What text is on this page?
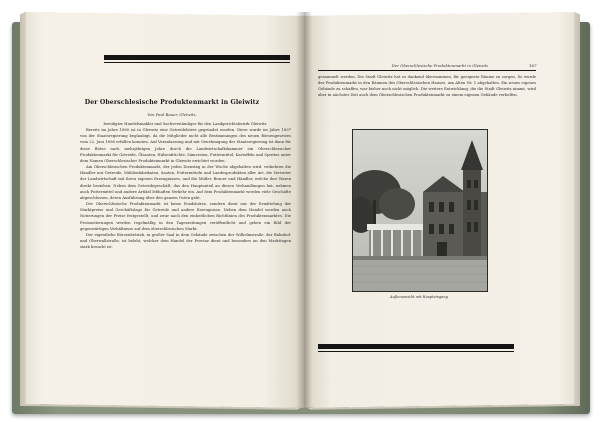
Der Oberschlesische Produktenmarkt in Gleiwitz
Von Paul Bauer, Gleiwitz,

beeidigter Handelsmakler und Sachverständiger für den Landgerichtsbezirk Gleiwitz.

Bereits im Jahre 1880 ist in Gleiwitz eine Getreidebörse gegründet worden. Diese wurde im Jahre 1897 von der Staatsregierung beglaubigt, da die Mitglieder nicht alle Bestimmungen des neuen Börsengesetzes vom 22. Juni 1896 erfüllen konnten. Auf Veranlassung und mit Genehmigung der Staatsregierung ist dann für diese Börse nach mehrjährigen Jahre durch die Landwirtschaftskammer ein Oberschlesischer Produktenmarkt für Getreide, Ölsaaten, Hülsenfrüchte, Sämereien, Futtermittel, Kartoffeln und Spiritus unter dem Namen Oberschlesischer Produktenmarkt in Gleiwitz errichtet worden.

Am Oberschlesischen Produktenmarkt, der jeden Dienstag in der Woche abgehalten wird, verkehren die Händler mit Getreide, Mühlenfabrikaten, Saaten, Futtermitteln und Landesprodukten aller Art, die Vertreter der Landwirtschaft mit ihren eigenen Erzeugnissen, und die Müller, Brauer und Händler, welche ihre Waren direkt beziehen. Neben dem Getreidegeschäft, das den Hauptanteil an diesen Verhandlungen hat, nehmen auch Futtermittel und andere Artikel lebhaften Verkehr ein. Auf dem Produktenmarkt werden viele Geschäfte abgeschlossen, deren Ausführung über den ganzen Osten geht.

Der Oberschlesische Produktenmarkt ist keine Fondsbörse, sondern dient nur der Ermittelung der Marktpreise und Geschäftslage für Getreide und andere Erzeugnisse. Neben dem Handel werden auch Notierungen der Preise festgestellt, und zwar nach den einheitlichen Richtlinien des Produktenmarktes. Die Preisnotierungen werden regelmäßig in den Tageszeitungen veröffentlicht und geben ein Bild der gegenwärtigen Verhältnisse auf dem oberschlesischen Markt.

Der eigentliche Börsenbetrieb, in großer Saal in dem Gebäude zwischen der Wilhelmstraße, der Bahnhof- und Oberwallstraße, ist belebt, welcher dem Handel der Provinz dient und besonders an den Markttagen stark besucht ist.

Der Oberschlesische Produktenmarkt in Gleiwitz	167

gesammelt werden. Die Stadt Gleiwitz hat es dankend übernommen, für geeignete Räume zu sorgen. So wurde der Produktenmarkt in den Räumen des Oberschlesischen Hauses, Am Alten Nr. 1 abgehalten. Ein neues eigenes Gebäude zu schaffen, war bisher noch nicht möglich. Die weitere Entwicklung, die die Stadt Gleiwitz nimmt, wird aber in nächster Zeit auch dem Oberschlesischen Produktenmarkt zu einem eigenen Gebäude verhelfen.

Außenansicht mit Haupteingang
